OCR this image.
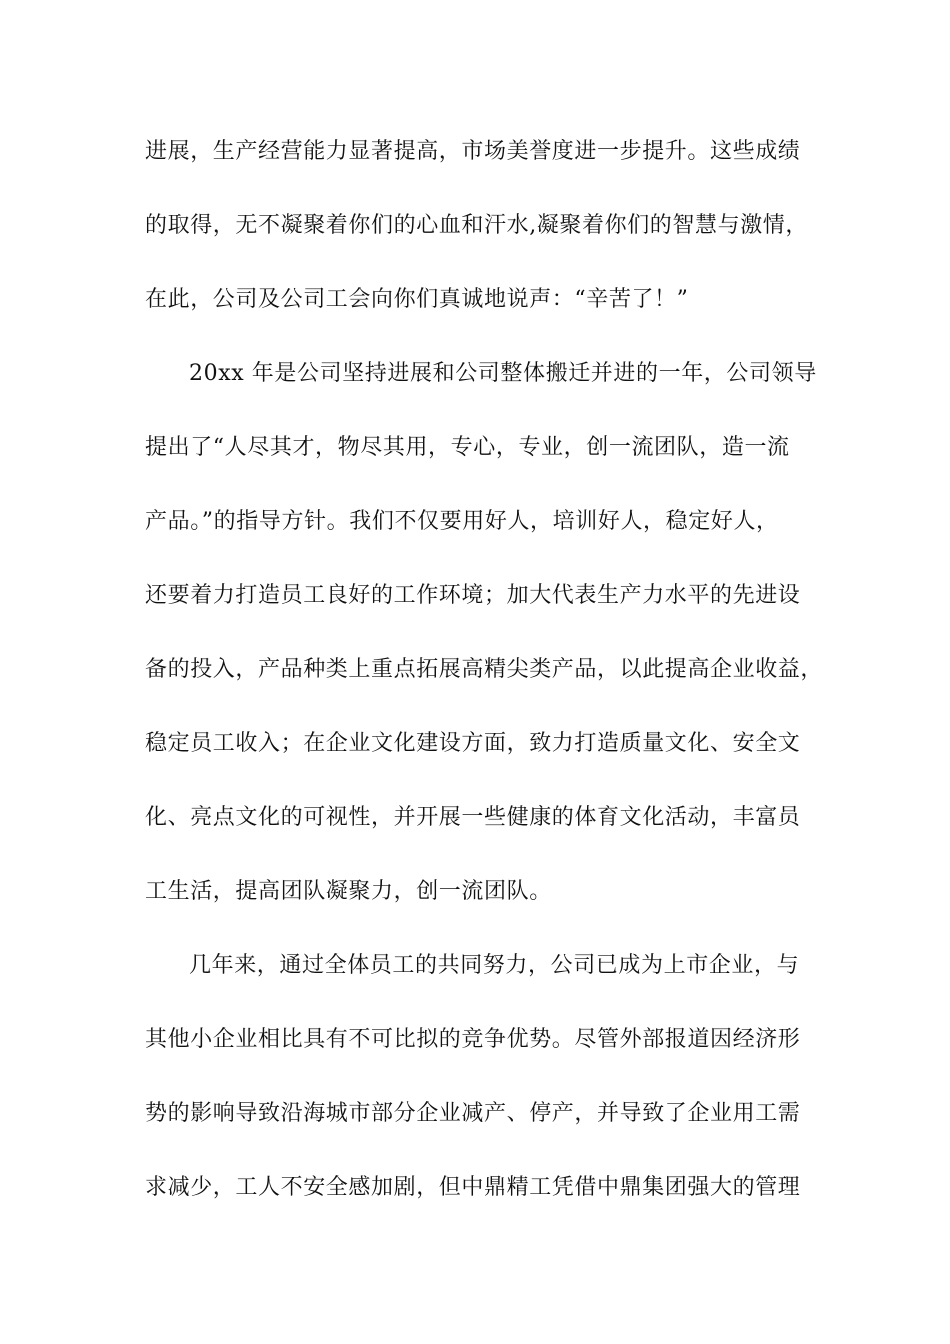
进展，生产经营能力显著提高，市场美誉度进一步提升。这些成绩
的取得，无不凝聚着你们的心血和汗水,凝聚着你们的智慧与激情，
在此，公司及公司工会向你们真诚地说声：“辛苦了！”
20xx 年是公司坚持进展和公司整体搬迁并进的一年，公司领导
提出了“人尽其才，物尽其用，专心，专业，创一流团队，造一流
产品。”的指导方针。我们不仅要用好人，培训好人，稳定好人，
还要着力打造员工良好的工作环境；加大代表生产力水平的先进设
备的投入，产品种类上重点拓展高精尖类产品，以此提高企业收益，
稳定员工收入；在企业文化建设方面，致力打造质量文化、安全文
化、亮点文化的可视性，并开展一些健康的体育文化活动，丰富员
工生活，提高团队凝聚力，创一流团队。
几年来，通过全体员工的共同努力，公司已成为上市企业，与
其他小企业相比具有不可比拟的竞争优势。尽管外部报道因经济形
势的影响导致沿海城市部分企业减产、停产，并导致了企业用工需
求减少，工人不安全感加剧，但中鼎精工凭借中鼎集团强大的管理
